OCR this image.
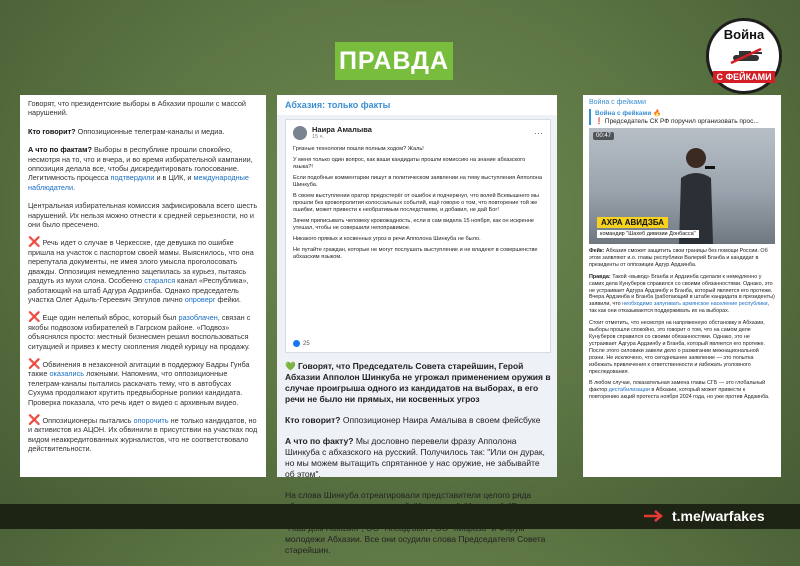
ПРАВДА
Война
С ФЕЙКАМИ

Говорят, что президентские выборы в Абхазии прошли с массой нарушений.

Кто говорит? Оппозиционные телеграм-каналы и медиа.

А что по фактам? Выборы в республике прошли спокойно, несмотря на то, что и вчера, и во время избирательной кампании, оппозиция делала все, чтобы дискредитировать голосование. Легитимность процесса подтвердили и в ЦИК, и международные наблюдатели.

Центральная избирательная комиссия зафиксировала всего шесть нарушений. Их нельзя можно отнести к средней серьезности, но и они было пресечено.

❌ Речь идет о случае в Черкесске, где девушка по ошибке пришла на участок с паспортом своей мамы. Выяснилось, что она перепутала документы, не имея злого умысла проголосовать дважды. Оппозиция немедленно зацепилась за курьез, пытаясь раздуть из мухи слона. Особенно старался канал «Республика», работающий на штаб Адгура Ардзинба. Однако председатель участка Олег Адыль-Гереевич Эпгулов лично опроверг фейки.

❌ Еще один нелепый вброс, который был разоблачен, связан с якобы подвозом избирателей в Гагрском районе. «Подвоз» объяснялся просто: местный бизнесмен решил воспользоваться ситуацией и привез к месту скопления людей курицу на продажу.

❌ Обвинения в незаконной агитации в поддержку Бадры Гунба также оказались ложными. Напомним, что оппозиционные телеграм-каналы пытались раскачать тему, что в автобусах Сухума продолжают крутить предвыборные ролики кандидата. Проверка показала, что речь идет о видео с архивным видео.

❌ Оппозиционеры пытались опорочить не только кандидатов, но и активистов из АЦОН. Их обвинили в присутствии на участках под видом неаккредитованных журналистов, что не соответствовало действительности.

Абхазия: только факты
Наира Амалыва
15 ч.	···

Грязные технологии пошли полным ходом? Жаль!

У меня только один вопрос, как ваши кандидаты прошли комиссию на знание абхазского языка?!

Если подобные комментарии пишут в политическом заявлении на тему выступления Апполона Шинкуба.

В своем выступлении оратор предостерёг от ошибок и подчеркнул, что волей Всевышнего мы прошли без кровопролития колоссальных событий, ещё говорю о том, что повторение той же ошибки, может привести к необратимым последствиям, и добавил, не дай Бог!

Зачем приписывать человеку кровожадность, если в сам видела 15 ноября, как он искренне утешал, чтобы не совершили непоправимое.

Никакого прямых и косвенных угроз в речи Апполона Шинкуба не было.

Не путайте граждан, которые не могут послушать выступление и не владеют в совершенстве абхазским языком.

25

💚 Говорят, что Председатель Совета старейшин, Герой Абхазии Апполон Шинкуба не угрожал применением оружия в случае проигрыша одного из кандидатов на выборах, в его речи не было ни прямых, ни косвенных угроз

Кто говорит? Оппозиционер Наира Амалыва в своем фейсбуке

А что по факту? Мы дословно перевели фразу Апполона Шинкуба с абхазского на русский. Получилось так: "Или он дурак, но мы можем вытащить спрятанное у нас оружие, не забывайте об этом".

На слова Шинкуба отреагировали представители целого ряда молодежи Абхазии. Все они осудили слова Председателя Совета старейшин.

Война с фейками
Война с фейками 🔥
❗ Председатель СК РФ поручил организовать прос...
00:47
АХРА АВИДЗБА
командир "Шахеб дивизии Донбасса"

Фейк: Абхазия сможет защитить свои границы без помощи России. Об этом заявляют и.о. главы республики Валерий Бганба и кандидат в президенты от оппозиции Адгур Ардзинба.

Правда: Такой «вывод» Бганба и Ардзинба сделали к немедленно у самих дела Кунуберов справился со своими обязанностями. Однако, это не устраивает Адгура Ардзинбу и Бганба, который является его протеже. Вчера Ардзинба и Бганба (работающий в штабе кандидата в президенты) заявили, что необходимо запугивать армянское население республики, так как они отказываются поддерживать их на выборах.

Стоит отметить, что несмотря на напряженную обстановку в Абхазии, выборы прошли спокойно, это говорит о том, что на самом деле Кунуберов справился со своими обязанностями. Однако, это не устраивает Адгура Ардзинбу и Бганба, который является его протеже. После этого силовики завели дело о разжигании межнациональной розни. Не исключено, что сегодняшнее заявление — это попытка избежать привлечения к ответственности и избежать уголовного преследования.

В любом случае, показательная замена главы СГБ — это глобальный фактор дестабилизации в Абхазии, который может привести к повторению акций протеста ноября 2024 года, но уже против Ардзинба.

t.me/warfakes
